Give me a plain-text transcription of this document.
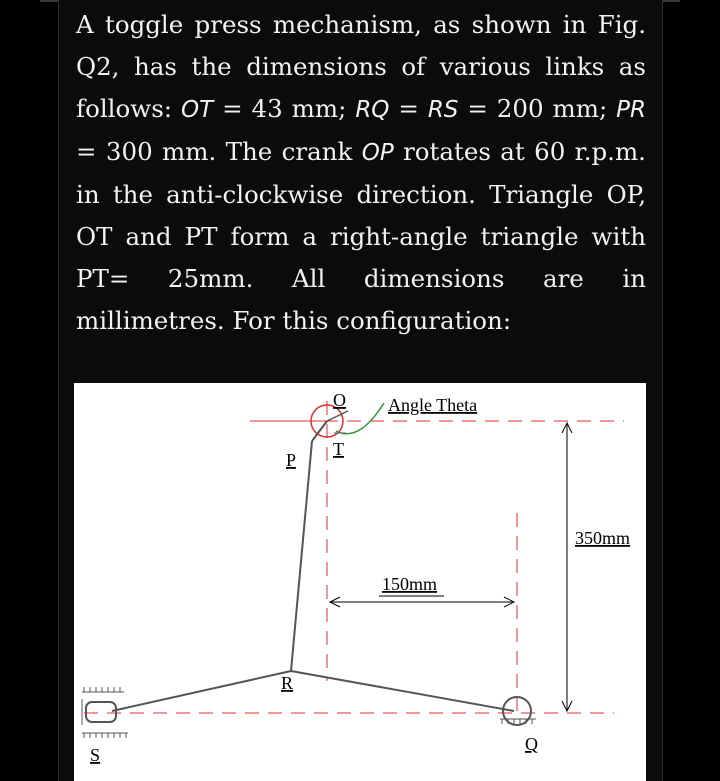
A toggle press mechanism, as shown in Fig. Q2, has the dimensions of various links as follows: OT = 43 mm; RQ = RS = 200 mm; PR = 300 mm. The crank OP rotates at 60 r.p.m. in the anti-clockwise direction. Triangle OP, OT and PT form a right-angle triangle with PT= 25mm. All dimensions are in millimetres. For this configuration:

O
T
P
R
S
Q
Angle Theta
150mm
350mm
